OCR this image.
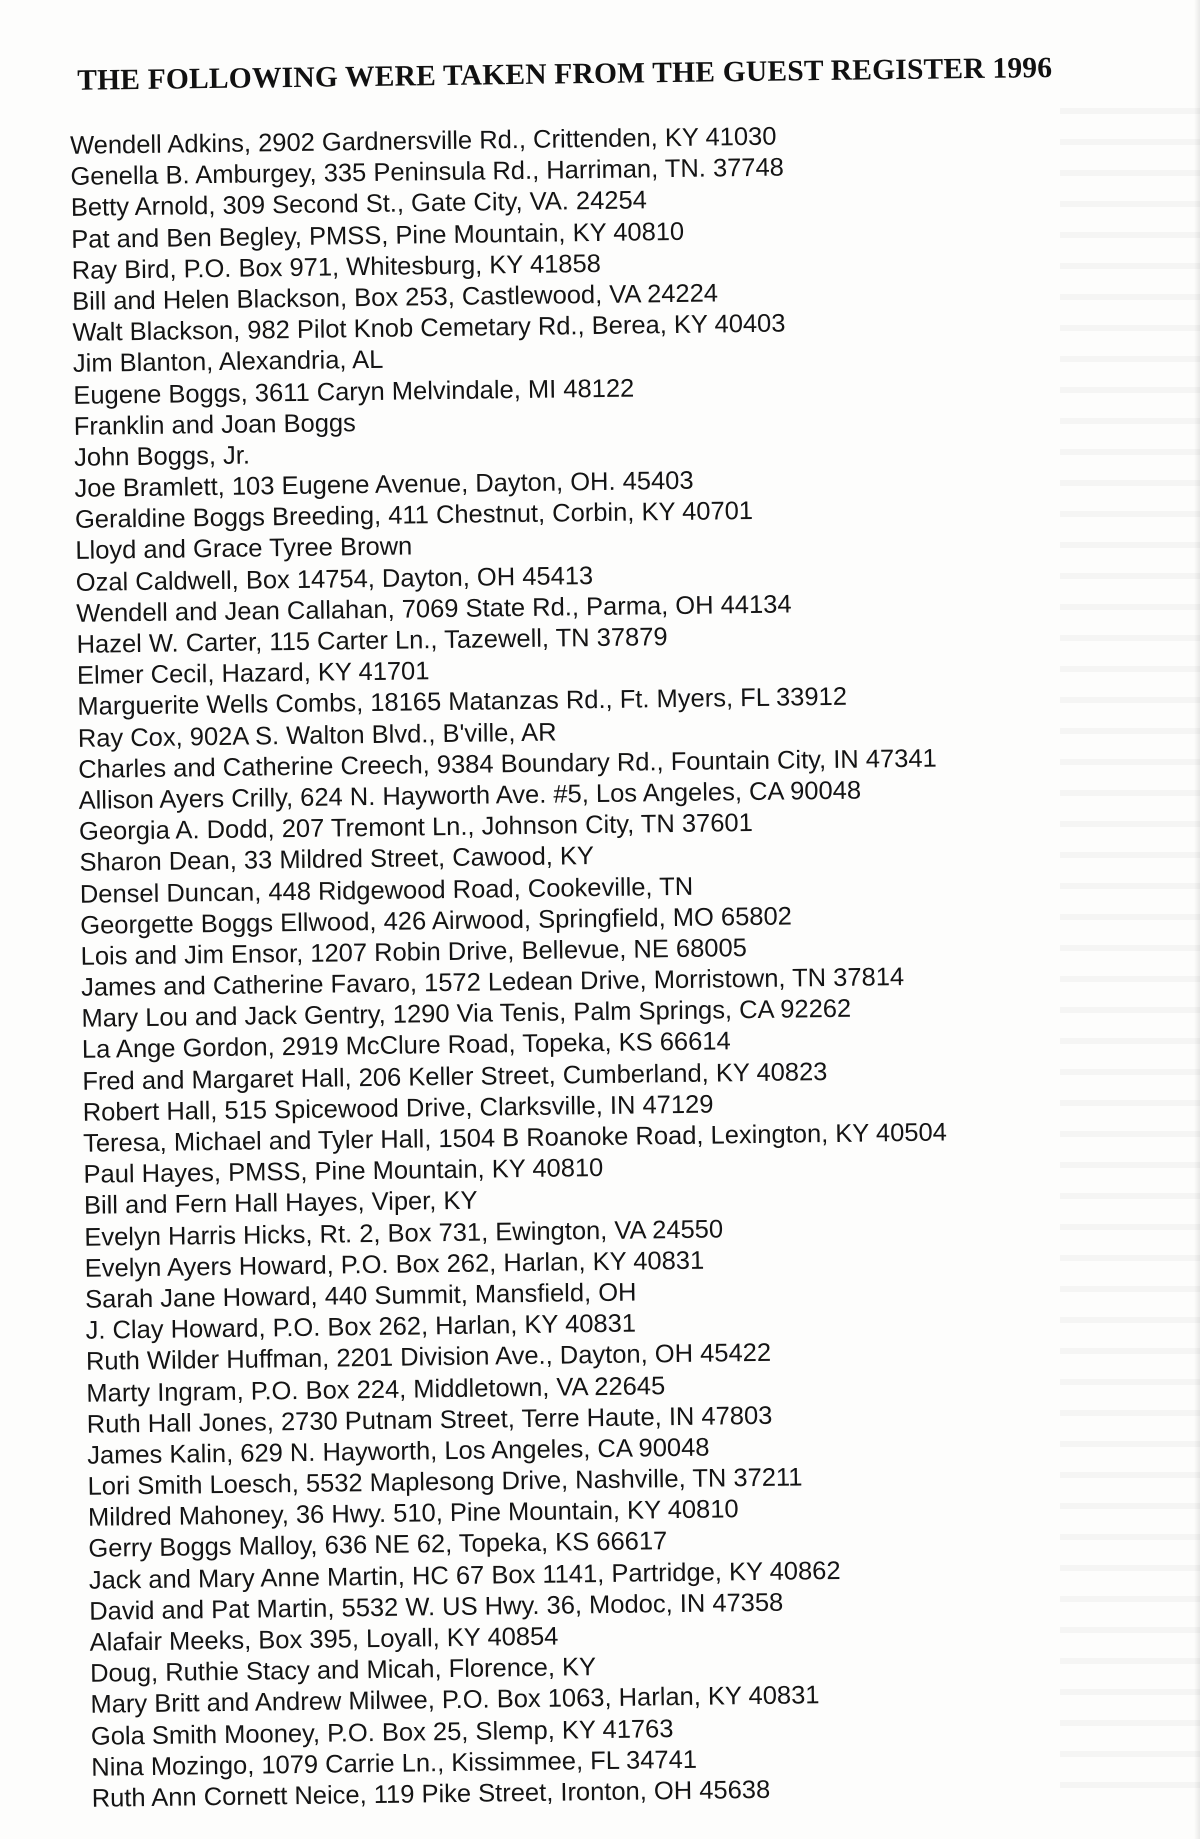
THE FOLLOWING WERE TAKEN FROM THE GUEST REGISTER 1996
Wendell Adkins, 2902 Gardnersville Rd., Crittenden, KY 41030
Genella B. Amburgey, 335 Peninsula Rd., Harriman, TN. 37748
Betty Arnold, 309 Second St., Gate City, VA. 24254
Pat and Ben Begley, PMSS, Pine Mountain, KY 40810
Ray Bird, P.O. Box 971, Whitesburg, KY 41858
Bill and Helen Blackson, Box 253, Castlewood, VA 24224
Walt Blackson, 982 Pilot Knob Cemetary Rd., Berea, KY 40403
Jim Blanton, Alexandria, AL
Eugene Boggs, 3611 Caryn Melvindale, MI 48122
Franklin and Joan Boggs
John Boggs, Jr.
Joe Bramlett, 103 Eugene Avenue, Dayton, OH. 45403
Geraldine Boggs Breeding, 411 Chestnut, Corbin, KY 40701
Lloyd and Grace Tyree Brown
Ozal Caldwell, Box 14754, Dayton, OH 45413
Wendell and Jean Callahan, 7069 State Rd., Parma, OH 44134
Hazel W. Carter, 115 Carter Ln., Tazewell, TN 37879
Elmer Cecil, Hazard, KY 41701
Marguerite Wells Combs, 18165 Matanzas Rd., Ft. Myers, FL 33912
Ray Cox, 902A S. Walton Blvd., B'ville, AR
Charles and Catherine Creech, 9384 Boundary Rd., Fountain City, IN 47341
Allison Ayers Crilly, 624 N. Hayworth Ave. #5, Los Angeles, CA 90048
Georgia A. Dodd, 207 Tremont Ln., Johnson City, TN 37601
Sharon Dean, 33 Mildred Street, Cawood, KY
Densel Duncan, 448 Ridgewood Road, Cookeville, TN
Georgette Boggs Ellwood, 426 Airwood, Springfield, MO 65802
Lois and Jim Ensor, 1207 Robin Drive, Bellevue, NE 68005
James and Catherine Favaro, 1572 Ledean Drive, Morristown, TN 37814
Mary Lou and Jack Gentry, 1290 Via Tenis, Palm Springs, CA 92262
La Ange Gordon, 2919 McClure Road, Topeka, KS 66614
Fred and Margaret Hall, 206 Keller Street, Cumberland, KY 40823
Robert Hall, 515 Spicewood Drive, Clarksville, IN 47129
Teresa, Michael and Tyler Hall, 1504 B Roanoke Road, Lexington, KY 40504
Paul Hayes, PMSS, Pine Mountain, KY 40810
Bill and Fern Hall Hayes, Viper, KY
Evelyn Harris Hicks, Rt. 2, Box 731, Ewington, VA 24550
Evelyn Ayers Howard, P.O. Box 262, Harlan, KY 40831
Sarah Jane Howard, 440 Summit, Mansfield, OH
J. Clay Howard, P.O. Box 262, Harlan, KY 40831
Ruth Wilder Huffman, 2201 Division Ave., Dayton, OH 45422
Marty Ingram, P.O. Box 224, Middletown, VA 22645
Ruth Hall Jones, 2730 Putnam Street, Terre Haute, IN 47803
James Kalin, 629 N. Hayworth, Los Angeles, CA 90048
Lori Smith Loesch, 5532 Maplesong Drive, Nashville, TN 37211
Mildred Mahoney, 36 Hwy. 510, Pine Mountain, KY 40810
Gerry Boggs Malloy, 636 NE 62, Topeka, KS 66617
Jack and Mary Anne Martin, HC 67 Box 1141, Partridge, KY 40862
David and Pat Martin, 5532 W. US Hwy. 36, Modoc, IN 47358
Alafair Meeks, Box 395, Loyall, KY 40854
Doug, Ruthie Stacy and Micah, Florence, KY
Mary Britt and Andrew Milwee, P.O. Box 1063, Harlan, KY 40831
Gola Smith Mooney, P.O. Box 25, Slemp, KY 41763
Nina Mozingo, 1079 Carrie Ln., Kissimmee, FL 34741
Ruth Ann Cornett Neice, 119 Pike Street, Ironton, OH 45638
